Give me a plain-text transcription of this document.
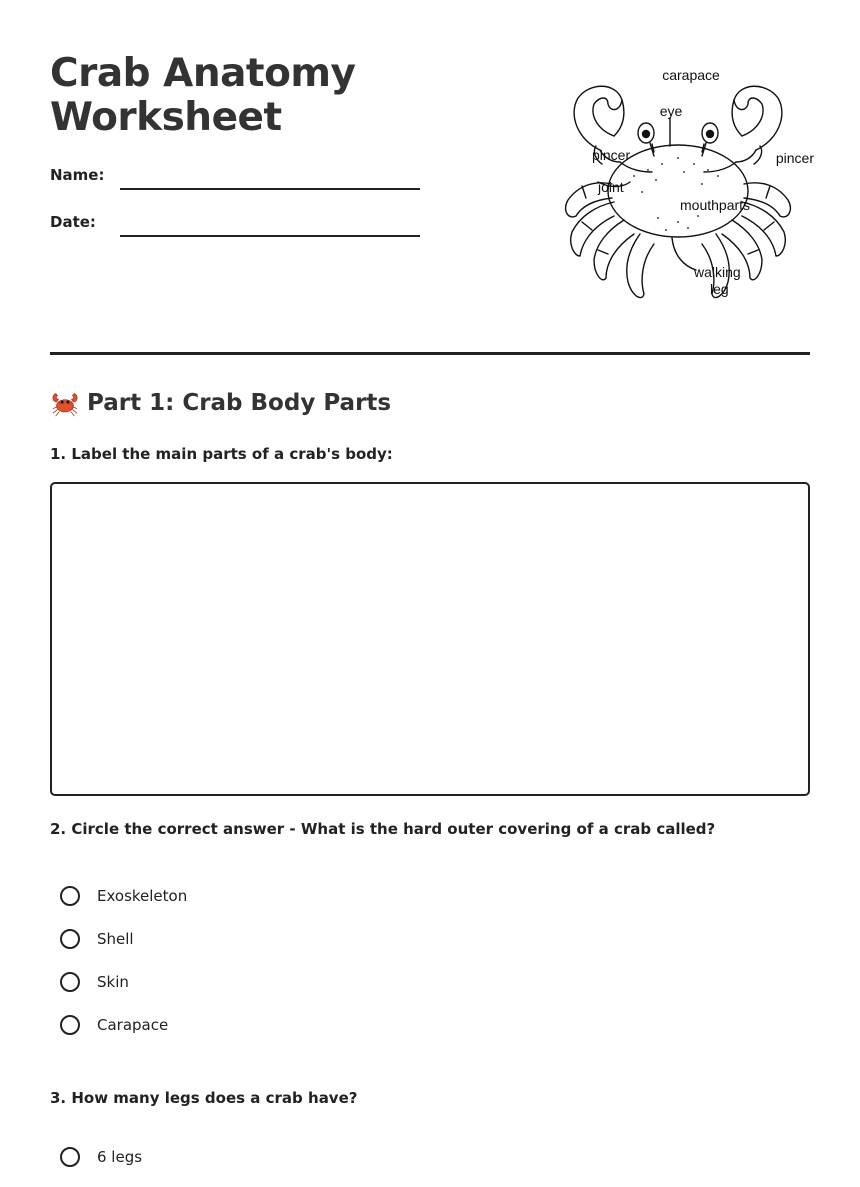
Crab Anatomy
Worksheet
Name:
Date:
carapace
eye
pincer	pincer
joint
mouthparts
walking
leg
Part 1: Crab Body Parts

1. Label the main parts of a crab's body:

2. Circle the correct answer - What is the hard outer covering of a crab called?

Exoskeleton
Shell
Skin
Carapace

3. How many legs does a crab have?

6 legs
